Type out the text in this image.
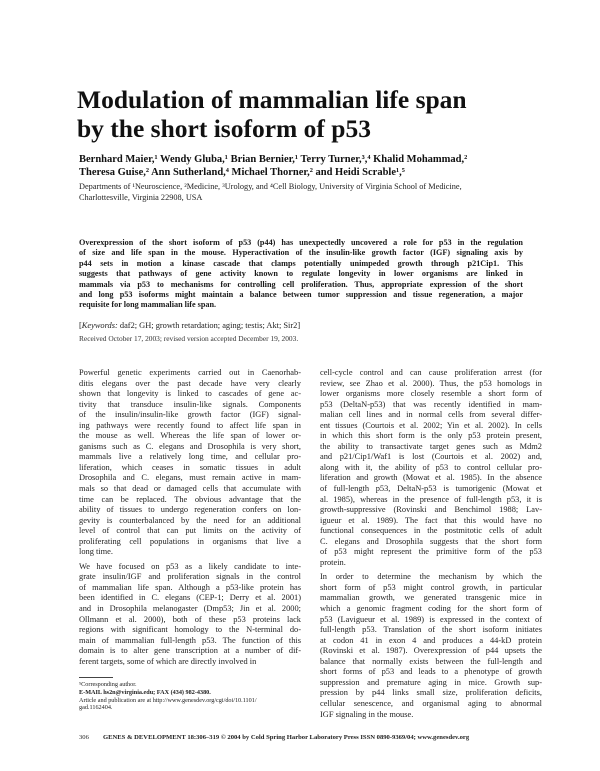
Modulation of mammalian life span
by the short isoform of p53
Bernhard Maier,¹ Wendy Gluba,¹ Brian Bernier,¹ Terry Turner,³,⁴ Khalid Mohammad,²
Theresa Guise,² Ann Sutherland,⁴ Michael Thorner,² and Heidi Scrable¹,⁵
Departments of ¹Neuroscience, ²Medicine, ³Urology, and ⁴Cell Biology, University of Virginia School of Medicine,
Charlottesville, Virginia 22908, USA
Overexpression of the short isoform of p53 (p44) has unexpectedly uncovered a role for p53 in the regulation
of size and life span in the mouse. Hyperactivation of the insulin-like growth factor (IGF) signaling axis by
p44 sets in motion a kinase cascade that clamps potentially unimpeded growth through p21Cip1. This
suggests that pathways of gene activity known to regulate longevity in lower organisms are linked in
mammals via p53 to mechanisms for controlling cell proliferation. Thus, appropriate expression of the short
and long p53 isoforms might maintain a balance between tumor suppression and tissue regeneration, a major
requisite for long mammalian life span.
[Keywords: daf2; GH; growth retardation; aging; testis; Akt; Sir2]
Received October 17, 2003; revised version accepted December 19, 2003.
Powerful genetic experiments carried out in Caenorhab-
ditis elegans over the past decade have very clearly
shown that longevity is linked to cascades of gene ac-
tivity that transduce insulin-like signals. Components
of the insulin/insulin-like growth factor (IGF) signal-
ing pathways were recently found to affect life span in
the mouse as well. Whereas the life span of lower or-
ganisms such as C. elegans and Drosophila is very short,
mammals live a relatively long time, and cellular pro-
liferation, which ceases in somatic tissues in adult
Drosophila and C. elegans, must remain active in mam-
mals so that dead or damaged cells that accumulate with
time can be replaced. The obvious advantage that the
ability of tissues to undergo regeneration confers on lon-
gevity is counterbalanced by the need for an additional
level of control that can put limits on the activity of
proliferating cell populations in organisms that live a
long time.
We have focused on p53 as a likely candidate to inte-
grate insulin/IGF and proliferation signals in the control
of mammalian life span. Although a p53-like protein has
been identified in C. elegans (CEP-1; Derry et al. 2001)
and in Drosophila melanogaster (Dmp53; Jin et al. 2000;
Ollmann et al. 2000), both of these p53 proteins lack
regions with significant homology to the N-terminal do-
main of mammalian full-length p53. The function of this
domain is to alter gene transcription at a number of dif-
ferent targets, some of which are directly involved in
cell-cycle control and can cause proliferation arrest (for
review, see Zhao et al. 2000). Thus, the p53 homologs in
lower organisms more closely resemble a short form of
p53 (DeltaN-p53) that was recently identified in mam-
malian cell lines and in normal cells from several differ-
ent tissues (Courtois et al. 2002; Yin et al. 2002). In cells
in which this short form is the only p53 protein present,
the ability to transactivate target genes such as Mdm2
and p21/Cip1/Waf1 is lost (Courtois et al. 2002) and,
along with it, the ability of p53 to control cellular pro-
liferation and growth (Mowat et al. 1985). In the absence
of full-length p53, DeltaN-p53 is tumorigenic (Mowat et
al. 1985), whereas in the presence of full-length p53, it is
growth-suppressive (Rovinski and Benchimol 1988; Lav-
igueur et al. 1989). The fact that this would have no
functional consequences in the postmitotic cells of adult
C. elegans and Drosophila suggests that the short form
of p53 might represent the primitive form of the p53
protein.
In order to determine the mechanism by which the
short form of p53 might control growth, in particular
mammalian growth, we generated transgenic mice in
which a genomic fragment coding for the short form of
p53 (Lavigueur et al. 1989) is expressed in the context of
full-length p53. Translation of the short isoform initiates
at codon 41 in exon 4 and produces a 44-kD protein
(Rovinski et al. 1987). Overexpression of p44 upsets the
balance that normally exists between the full-length and
short forms of p53 and leads to a phenotype of growth
suppression and premature aging in mice. Growth sup-
pression by p44 links small size, proliferation deficits,
cellular senescence, and organismal aging to abnormal
IGF signaling in the mouse.
⁵Corresponding author.
E-MAIL hs2n@virginia.edu; FAX (434) 982-4380.
Article and publication are at http://www.genesdev.org/cgi/doi/10.1101/
gad.1162404.
306 GENES & DEVELOPMENT 18:306–319 © 2004 by Cold Spring Harbor Laboratory Press ISSN 0890-9369/04; www.genesdev.org
